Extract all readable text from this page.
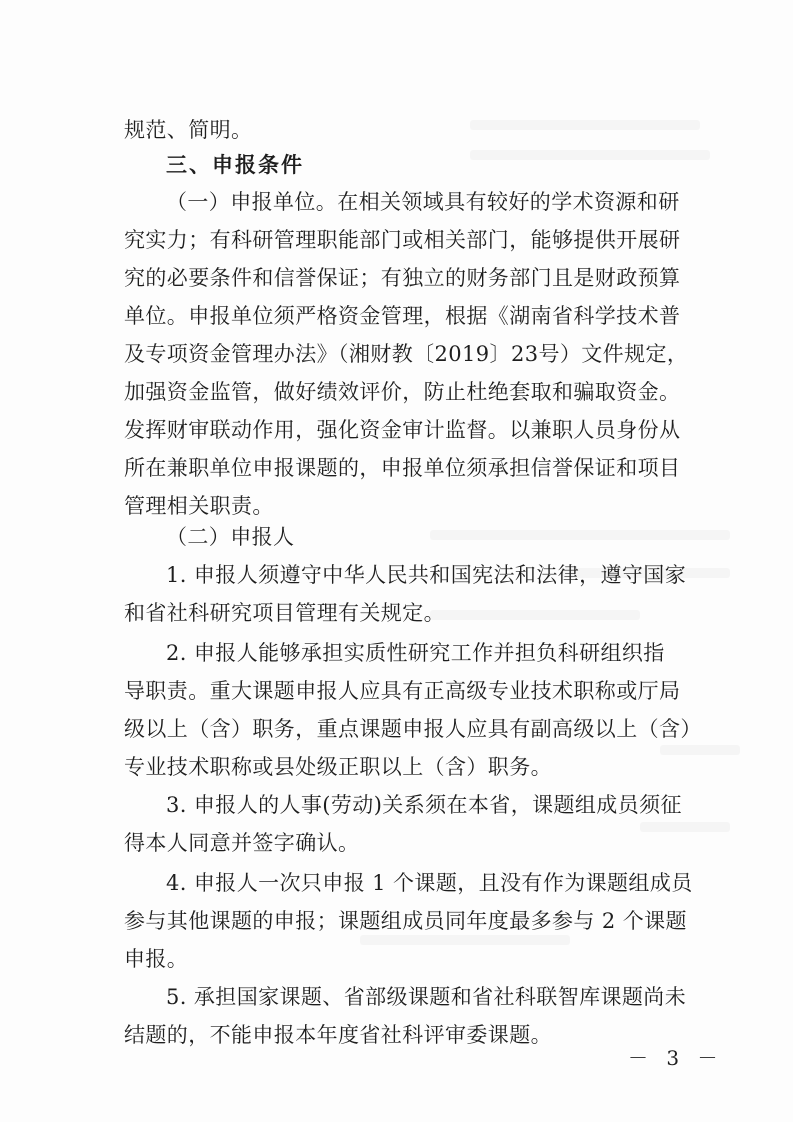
规范、简明。
三、申报条件
（一）申报单位。在相关领域具有较好的学术资源和研
究实力；有科研管理职能部门或相关部门，能够提供开展研
究的必要条件和信誉保证；有独立的财务部门且是财政预算
单位。申报单位须严格资金管理，根据《湖南省科学技术普
及专项资金管理办法》（湘财教〔2019〕23号）文件规定，
加强资金监管，做好绩效评价，防止杜绝套取和骗取资金。
发挥财审联动作用，强化资金审计监督。以兼职人员身份从
所在兼职单位申报课题的，申报单位须承担信誉保证和项目
管理相关职责。
（二）申报人
1. 申报人须遵守中华人民共和国宪法和法律，遵守国家
和省社科研究项目管理有关规定。
2. 申报人能够承担实质性研究工作并担负科研组织指
导职责。重大课题申报人应具有正高级专业技术职称或厅局
级以上（含）职务，重点课题申报人应具有副高级以上（含）
专业技术职称或县处级正职以上（含）职务。
3. 申报人的人事(劳动)关系须在本省，课题组成员须征
得本人同意并签字确认。
4. 申报人一次只申报 1 个课题，且没有作为课题组成员
参与其他课题的申报；课题组成员同年度最多参与 2 个课题
申报。
5. 承担国家课题、省部级课题和省社科联智库课题尚未
结题的，不能申报本年度省社科评审委课题。
－ 3 －
